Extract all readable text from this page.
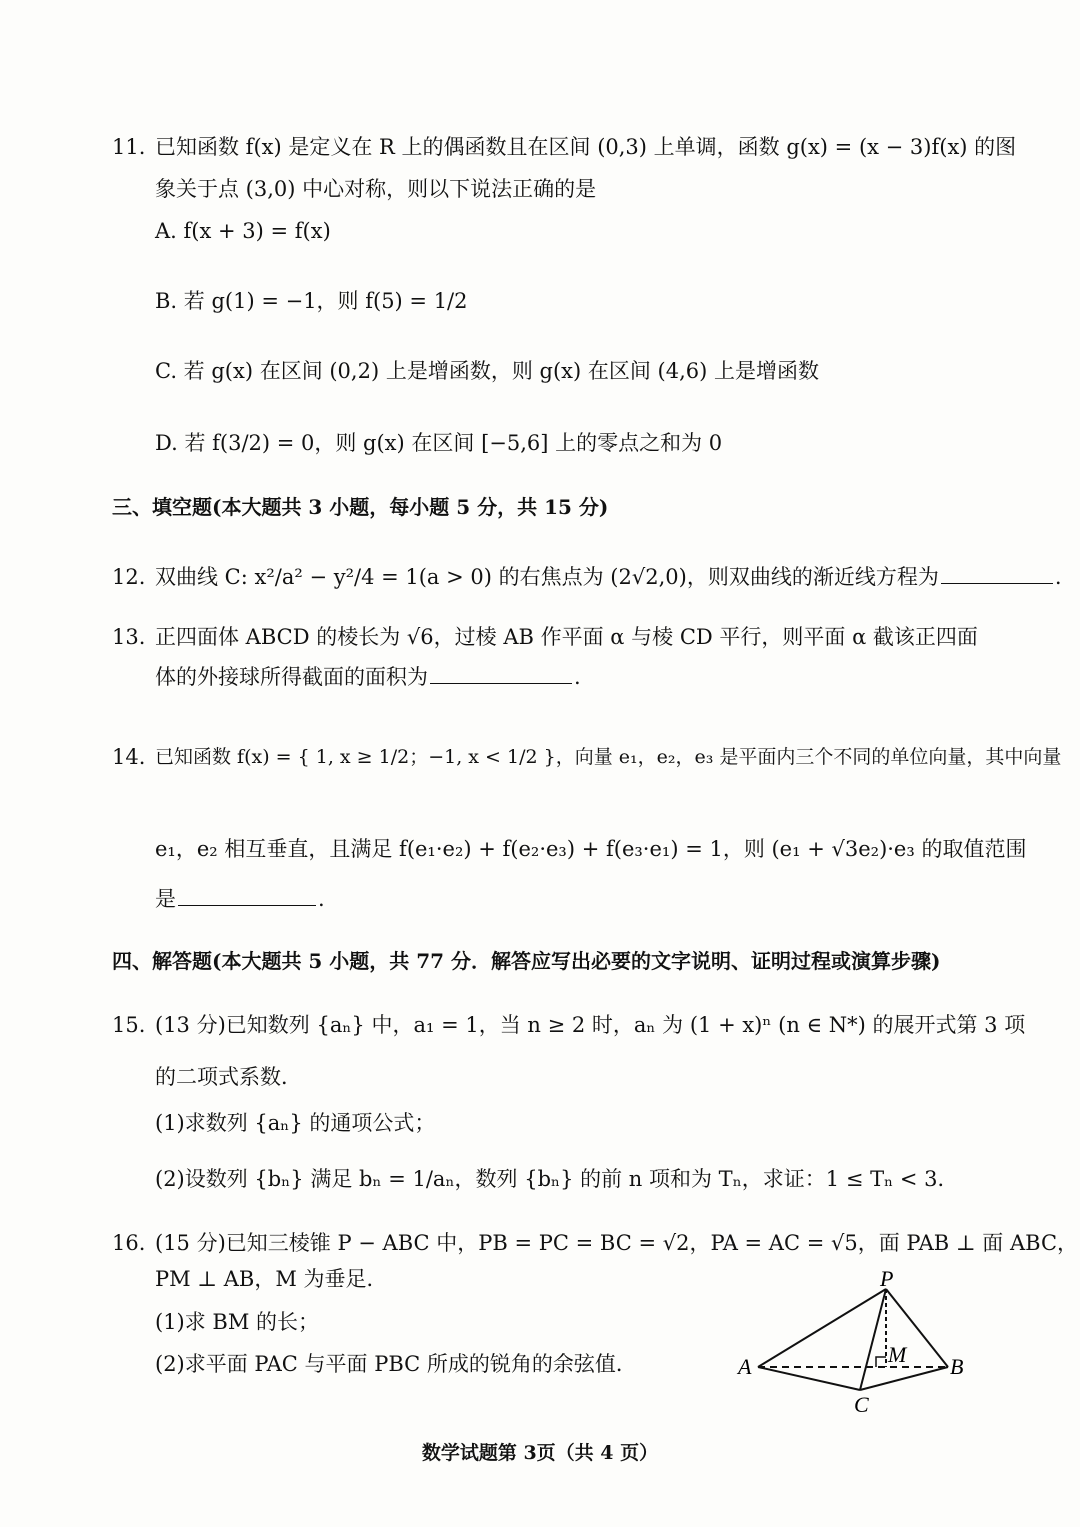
11. 已知函数 f(x) 是定义在 R 上的偶函数且在区间 (0,3) 上单调，函数 g(x) = (x − 3)f(x) 的图
象关于点 (3,0) 中心对称，则以下说法正确的是
A. f(x + 3) = f(x)
B. 若 g(1) = −1，则 f(5) = 1/2
C. 若 g(x) 在区间 (0,2) 上是增函数，则 g(x) 在区间 (4,6) 上是增函数
D. 若 f(3/2) = 0，则 g(x) 在区间 [−5,6] 上的零点之和为 0
三、填空题(本大题共 3 小题，每小题 5 分，共 15 分)
12. 双曲线 C: x²/a² − y²/4 = 1(a > 0) 的右焦点为 (2√2,0)，则双曲线的渐近线方程为	.
13. 正四面体 ABCD 的棱长为 √6，过棱 AB 作平面 α 与棱 CD 平行，则平面 α 截该正四面
体的外接球所得截面的面积为	.
14. 已知函数 f(x) = { 1, x ≥ 1/2；−1, x < 1/2 }，向量 e₁，e₂，e₃ 是平面内三个不同的单位向量，其中向量
e₁，e₂ 相互垂直，且满足 f(e₁·e₂) + f(e₂·e₃) + f(e₃·e₁) = 1，则 (e₁ + √3e₂)·e₃ 的取值范围
是	.
四、解答题(本大题共 5 小题，共 77 分．解答应写出必要的文字说明、证明过程或演算步骤)
15. (13 分)已知数列 {aₙ} 中，a₁ = 1，当 n ≥ 2 时，aₙ 为 (1 + x)ⁿ (n ∈ N*) 的展开式第 3 项
的二项式系数．
(1)求数列 {aₙ} 的通项公式；
(2)设数列 {bₙ} 满足 bₙ = 1/aₙ，数列 {bₙ} 的前 n 项和为 Tₙ，求证：1 ≤ Tₙ < 3．
16. (15 分)已知三棱锥 P − ABC 中，PB = PC = BC = √2，PA = AC = √5，面 PAB ⊥ 面 ABC，
PM ⊥ AB，M 为垂足．
(1)求 BM 的长；
(2)求平面 PAC 与平面 PBC 所成的锐角的余弦值．
P
A	B
C
M
数学试题第 3页（共 4 页）
